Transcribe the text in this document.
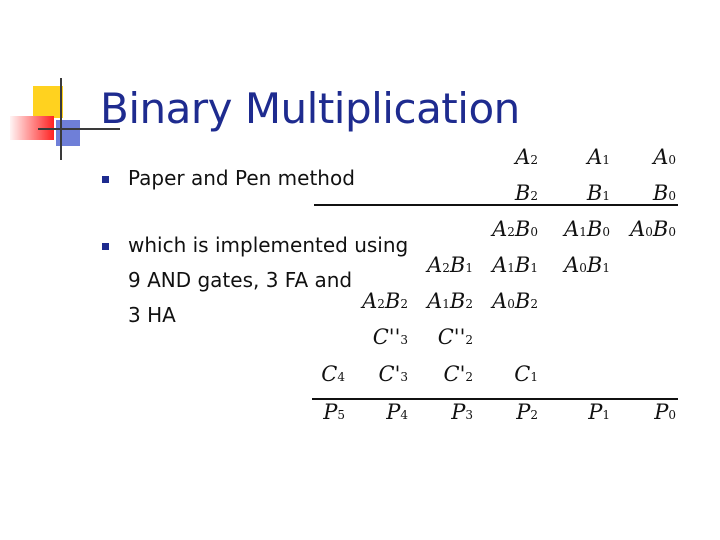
Binary Multiplication
Paper and Pen method
which is implemented using
9 AND gates, 3 FA and
3 HA
A2 A1 A0
B2 B1 B0
A2B0 A1B0 A0B0
A2B1 A1B1 A0B1
A2B2 A1B2 A0B2
C''3 C''2
C4 C'3 C'2 C1
P5 P4 P3 P2 P1 P0
